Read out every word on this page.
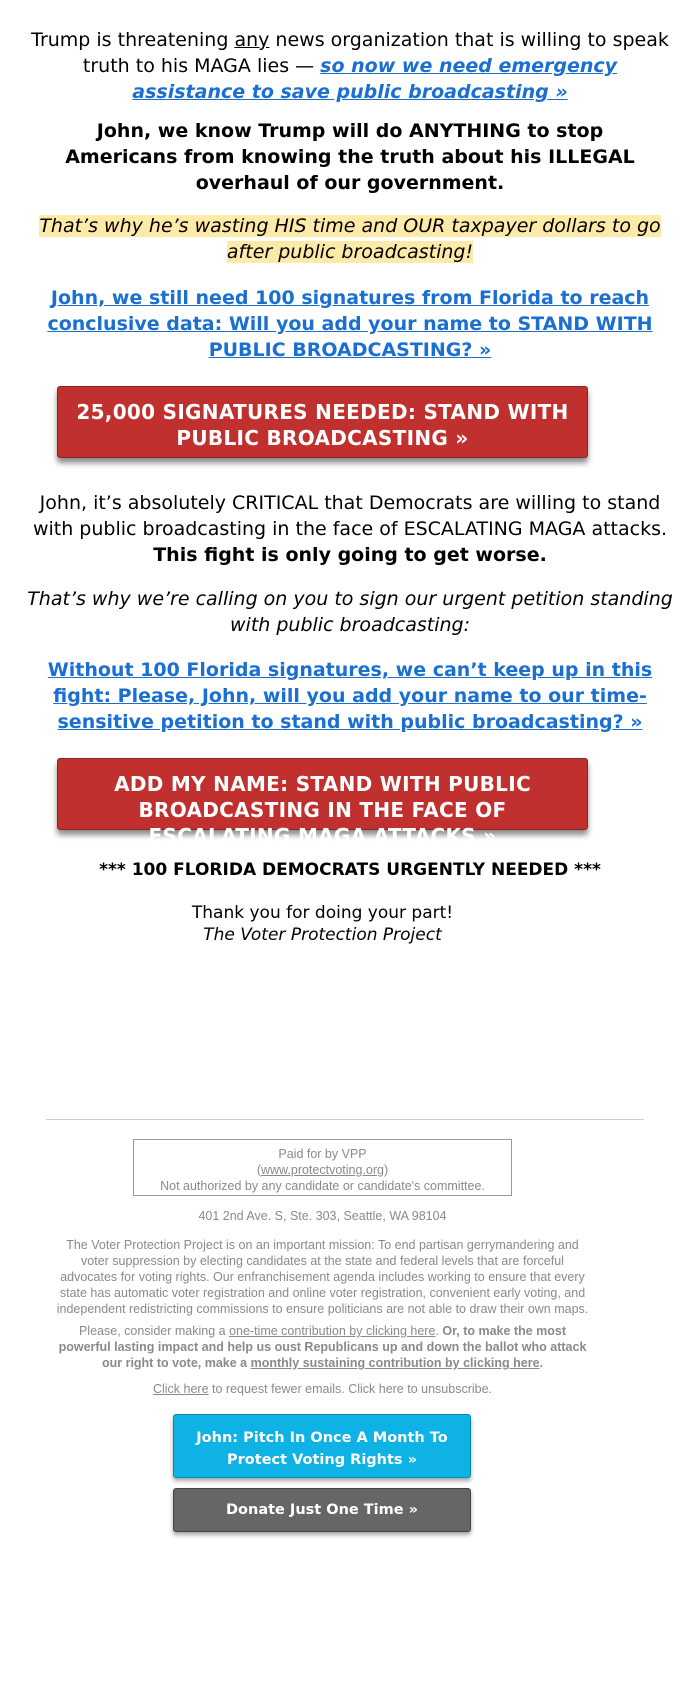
Trump is threatening any news organization that is willing to speak truth to his MAGA lies — so now we need emergency assistance to save public broadcasting »
John, we know Trump will do ANYTHING to stop Americans from knowing the truth about his ILLEGAL overhaul of our government.
That’s why he’s wasting HIS time and OUR taxpayer dollars to go after public broadcasting!
John, we still need 100 signatures from Florida to reach conclusive data: Will you add your name to STAND WITH PUBLIC BROADCASTING? »
25,000 SIGNATURES NEEDED: STAND WITH PUBLIC BROADCASTING »
John, it’s absolutely CRITICAL that Democrats are willing to stand with public broadcasting in the face of ESCALATING MAGA attacks. This fight is only going to get worse.
That’s why we’re calling on you to sign our urgent petition standing with public broadcasting:
Without 100 Florida signatures, we can’t keep up in this fight: Please, John, will you add your name to our time-sensitive petition to stand with public broadcasting? »
ADD MY NAME: STAND WITH PUBLIC BROADCASTING IN THE FACE OF ESCALATING MAGA ATTACKS »
*** 100 FLORIDA DEMOCRATS URGENTLY NEEDED ***
Thank you for doing your part!
The Voter Protection Project
Paid for by VPP
(www.protectvoting.org)
Not authorized by any candidate or candidate's committee.
401 2nd Ave. S, Ste. 303, Seattle, WA 98104
The Voter Protection Project is on an important mission: To end partisan gerrymandering and voter suppression by electing candidates at the state and federal levels that are forceful advocates for voting rights. Our enfranchisement agenda includes working to ensure that every state has automatic voter registration and online voter registration, convenient early voting, and independent redistricting commissions to ensure politicians are not able to draw their own maps.
Please, consider making a one-time contribution by clicking here. Or, to make the most powerful lasting impact and help us oust Republicans up and down the ballot who attack our right to vote, make a monthly sustaining contribution by clicking here.
Click here to request fewer emails. Click here to unsubscribe.
John: Pitch In Once A Month To Protect Voting Rights »
Donate Just One Time »
